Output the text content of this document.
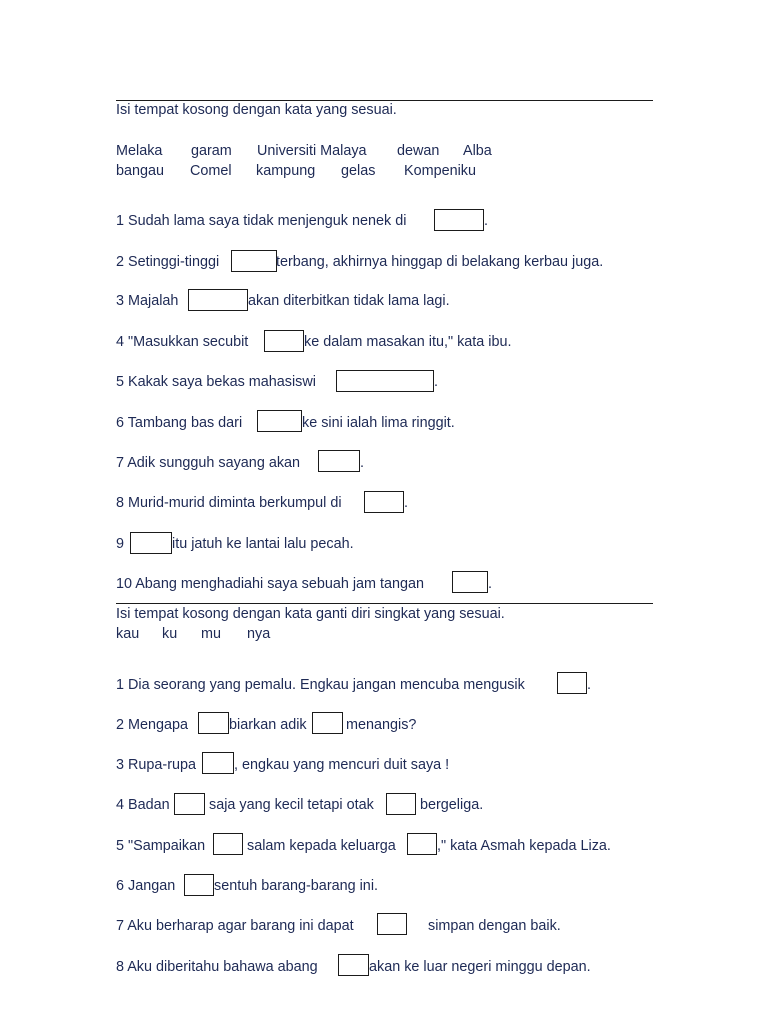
Isi tempat kosong dengan kata yang sesuai.
Melaka garam Universiti Malaya dewan Alba
bangau Comel kampung gelas Kompeniku
1 Sudah lama saya tidak menjenguk nenek di	.
2 Setinggi-tinggi	terbang, akhirnya hinggap di belakang kerbau juga.
3 Majalah	akan diterbitkan tidak lama lagi.
4 "Masukkan secubit	ke dalam masakan itu," kata ibu.
5 Kakak saya bekas mahasiswi	.
6 Tambang bas dari	ke sini ialah lima ringgit.
7 Adik sungguh sayang akan	.
8 Murid-murid diminta berkumpul di	.
9	itu jatuh ke lantai lalu pecah.
10 Abang menghadiahi saya sebuah jam tangan	.
Isi tempat kosong dengan kata ganti diri singkat yang sesuai.
kau ku mu nya
1 Dia seorang yang pemalu. Engkau jangan mencuba mengusik	.
2 Mengapa	biarkan adik	menangis?
3 Rupa-rupa	, engkau yang mencuri duit saya !
4 Badan	saja yang kecil tetapi otak	bergeliga.
5 "Sampaikan	salam kepada keluarga	," kata Asmah kepada Liza.
6 Jangan	sentuh barang-barang ini.
7 Aku berharap agar barang ini dapat	simpan dengan baik.
8 Aku diberitahu bahawa abang	akan ke luar negeri minggu depan.
